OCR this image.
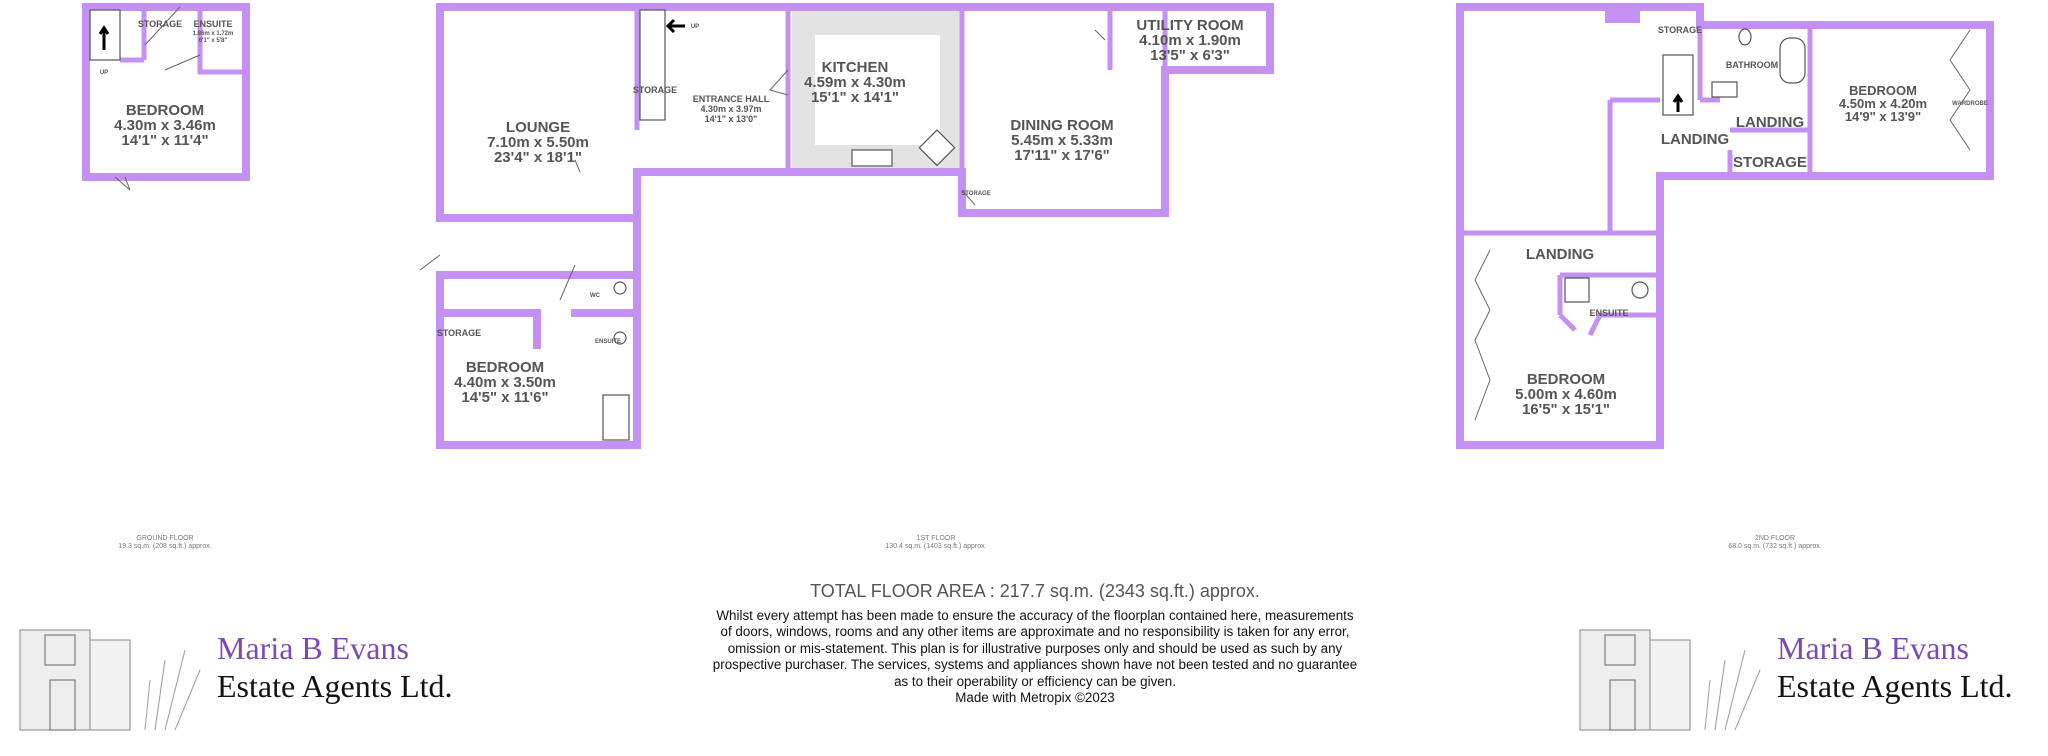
STORAGE ENSUITE
1.86m x 1.72m
6'1" x 5'8"
UP
BEDROOM
4.30m x 3.46m
14'1" x 11'4"
GROUND FLOOR
19.3 sq.m. (208 sq.ft.) approx.
LOUNGE
7.10m x 5.50m
23'4" x 18'1"
STORAGE
ENTRANCE HALL
4.30m x 3.97m
14'1" x 13'0"
UP
KITCHEN
4.59m x 4.30m
15'1" x 14'1"
DINING ROOM
5.45m x 5.33m
17'11" x 17'6"
UTILITY ROOM
4.10m x 1.90m
13'5" x 6'3"
STORAGE
STORAGE
WC
ENSUITE
BEDROOM
4.40m x 3.50m
14'5" x 11'6"
1ST FLOOR
130.4 sq.m. (1403 sq.ft.) approx.
STORAGE
BATHROOM
BEDROOM
4.50m x 4.20m
14'9" x 13'9"
WARDROBE
LANDING
LANDING
STORAGE
LANDING
ENSUITE
BEDROOM
5.00m x 4.60m
16'5" x 15'1"
2ND FLOOR
68.0 sq.m. (732 sq.ft.) approx.
TOTAL FLOOR AREA : 217.7 sq.m. (2343 sq.ft.) approx.
Whilst every attempt has been made to ensure the accuracy of the floorplan contained here, measurements
of doors, windows, rooms and any other items are approximate and no responsibility is taken for any error,
omission or mis-statement. This plan is for illustrative purposes only and should be used as such by any
prospective purchaser. The services, systems and appliances shown have not been tested and no guarantee
as to their operability or efficiency can be given.
Made with Metropix ©2023
Maria B Evans
Estate Agents Ltd.
Maria B Evans
Estate Agents Ltd.
